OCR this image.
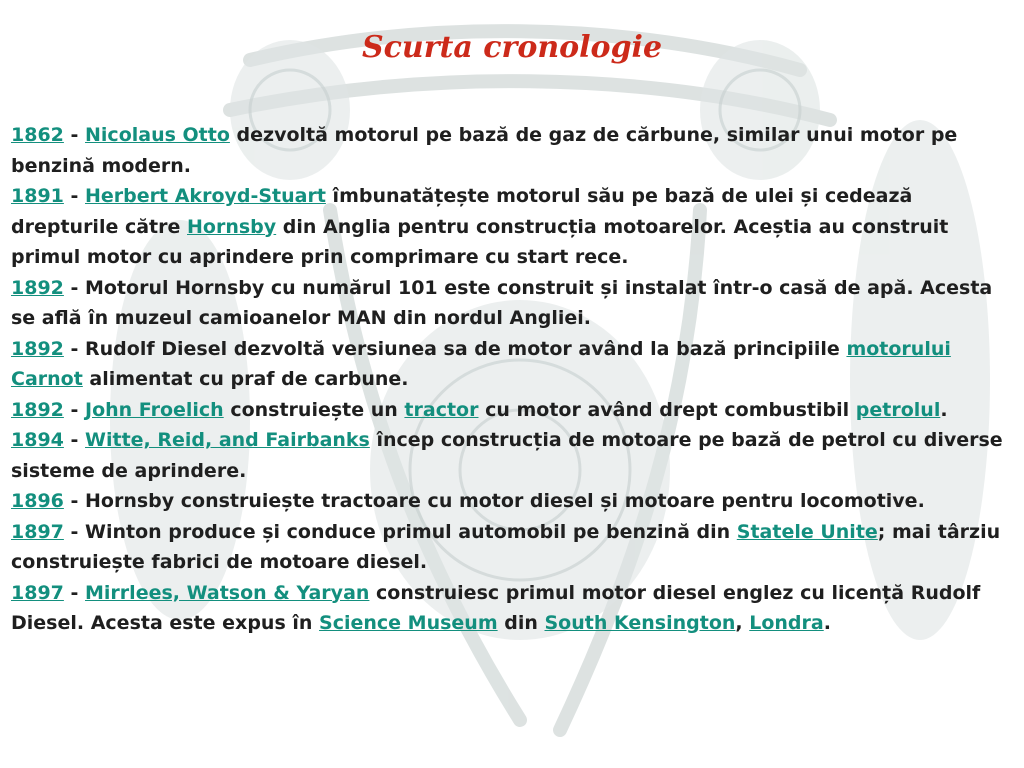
Scurta cronologie

1862 - Nicolaus Otto dezvoltă motorul pe bază de gaz de cărbune, similar unui motor pe benzină modern.

1891 - Herbert Akroyd-Stuart îmbunatățește motorul său pe bază de ulei și cedează drepturile către Hornsby din Anglia pentru construcția motoarelor. Aceștia au construit primul motor cu aprindere prin comprimare cu start rece.

1892 - Motorul Hornsby cu numărul 101 este construit și instalat într-o casă de apă. Acesta se află în muzeul camioanelor MAN din nordul Angliei.

1892 - Rudolf Diesel dezvoltă versiunea sa de motor având la bază principiile motorului Carnot alimentat cu praf de carbune.

1892 - John Froelich construiește un tractor cu motor având drept combustibil petrolul.

1894 - Witte, Reid, and Fairbanks încep construcția de motoare pe bază de petrol cu diverse sisteme de aprindere.

1896 - Hornsby construiește tractoare cu motor diesel și motoare pentru locomotive.

1897 - Winton produce și conduce primul automobil pe benzină din Statele Unite; mai târziu construiește fabrici de motoare diesel.

1897 - Mirrlees, Watson & Yaryan construiesc primul motor diesel englez cu licență Rudolf Diesel. Acesta este expus în Science Museum din South Kensington, Londra.
